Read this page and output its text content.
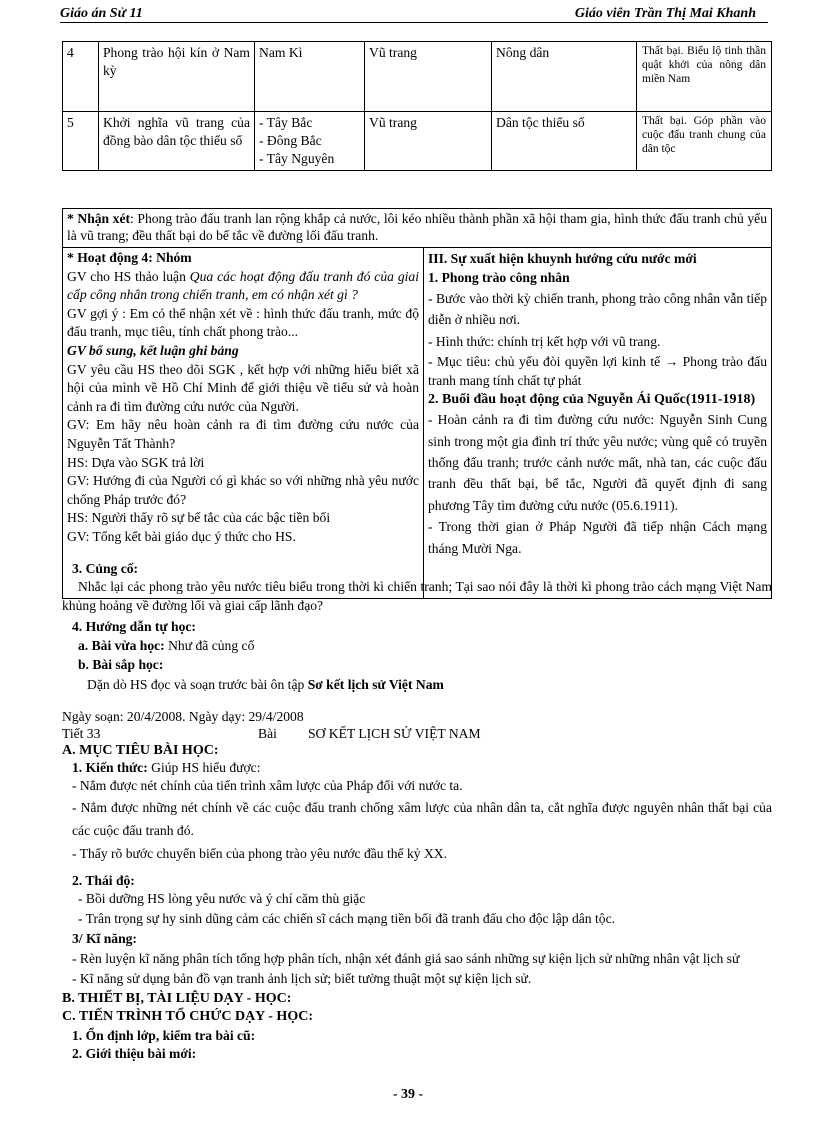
Giáo án Sử 11	Giáo viên Trần Thị Mai Khanh
4	Phong trào hội kín ở Nam kỳ	Nam Kì	Vũ trang	Nông dân	Thất bại. Biểu lộ tinh thần quật khởi của nông dân miền Nam
5	Khởi nghĩa vũ trang của đồng bào dân tộc thiểu số	- Tây Bắc
- Đông Bắc
- Tây Nguyên	Vũ trang	Dân tộc thiểu số	Thất bại. Góp phần vào cuộc đấu tranh chung của dân tộc
* Nhận xét: Phong trào đấu tranh lan rộng khắp cả nước, lôi kéo nhiều thành phần xã hội tham gia, hình thức đấu tranh chủ yếu là vũ trang; đều thất bại do bế tắc về đường lối đấu tranh.

* Hoạt động 4: Nhóm
GV cho HS thảo luận Qua các hoạt động đấu tranh đó của giai cấp công nhân trong chiến tranh, em có nhận xét gì ?
GV gợi ý : Em có thể nhận xét về : hình thức đấu tranh, mức độ đấu tranh, mục tiêu, tính chất phong trào...
GV bổ sung, kết luận ghi bảng
GV yêu cầu HS theo dõi SGK , kết hợp với những hiểu biết xã hội của mình về Hồ Chí Minh để giới thiệu về tiểu sử và hoàn cảnh ra đi tìm đường cứu nước của Người.
GV: Em hãy nêu hoàn cảnh ra đi tìm đường cứu nước của Nguyễn Tất Thành?
HS: Dựa vào SGK trả lời
GV: Hướng đi của Người có gì khác so với những nhà yêu nước chống Pháp trước đó?
HS: Người thấy rõ sự bế tắc của các bậc tiền bối
GV: Tổng kết bài giáo dục ý thức cho HS.

III. Sự xuất hiện khuynh hướng cứu nước mới
1. Phong trào công nhân
- Bước vào thời kỳ chiến tranh, phong trào công nhân vẫn tiếp diễn ở nhiều nơi.
- Hình thức: chính trị kết hợp với vũ trang.
- Mục tiêu: chủ yếu đòi quyền lợi kinh tế → Phong trào đấu tranh mang tính chất tự phát
2. Buổi đầu hoạt động của Nguyễn Ái Quốc(1911-1918)
- Hoàn cảnh ra đi tìm đường cứu nước: Nguyễn Sinh Cung sinh trong một gia đình trí thức yêu nước; vùng quê có truyền thống đấu tranh; trước cảnh nước mất, nhà tan, các cuộc đấu tranh đều thất bại, bế tắc, Người đã quyết định đi sang phương Tây tìm đường cứu nước (05.6.1911).
- Trong thời gian ở Pháp Người đã tiếp nhận Cách mạng tháng Mười Nga.
3. Củng cố:
Nhắc lại các phong trào yêu nước tiêu biểu trong thời kì chiến tranh; Tại sao nói đây là thời kì phong trào cách mạng Việt Nam khủng hoảng về đường lối và giai cấp lãnh đạo?
4. Hướng dẫn tự học:
a. Bài vừa học: Như đã củng cố
b. Bài sắp học:
Dặn dò HS đọc và soạn trước bài ôn tập Sơ kết lịch sử Việt Nam
Ngày soạn: 20/4/2008. Ngày dạy: 29/4/2008
Tiết 33	Bài SƠ KẾT LỊCH SỬ VIỆT NAM
A. MỤC TIÊU BÀI HỌC:
1. Kiến thức: Giúp HS hiểu được:
- Nắm được nét chính của tiến trình xâm lược của Pháp đối với nước ta.
- Nắm được những nét chính về các cuộc đấu tranh chống xâm lược của nhân dân ta, cắt nghĩa được nguyên nhân thất bại của các cuộc đấu tranh đó.
- Thấy rõ bước chuyển biến của phong trào yêu nước đầu thế kỷ XX.
2. Thái độ:
- Bồi dưỡng HS lòng yêu nước và ý chí căm thù giặc
- Trân trọng sự hy sinh dũng cảm các chiến sĩ cách mạng tiền bối đã tranh đấu cho độc lập dân tộc.
3/ Kĩ năng:
- Rèn luyện kĩ năng phân tích tổng hợp phân tích, nhận xét đánh giá sao sánh những sự kiện lịch sử những nhân vật lịch sử
- Kĩ năng sử dụng bản đồ vạn tranh ảnh lịch sử; biết tường thuật một sự kiện lịch sử.
B. THIẾT BỊ, TÀI LIỆU DẠY - HỌC:
C. TIẾN TRÌNH TỔ CHỨC DẠY - HỌC:
1. Ổn định lớp, kiểm tra bài cũ:
2. Giới thiệu bài mới:
- 39 -
